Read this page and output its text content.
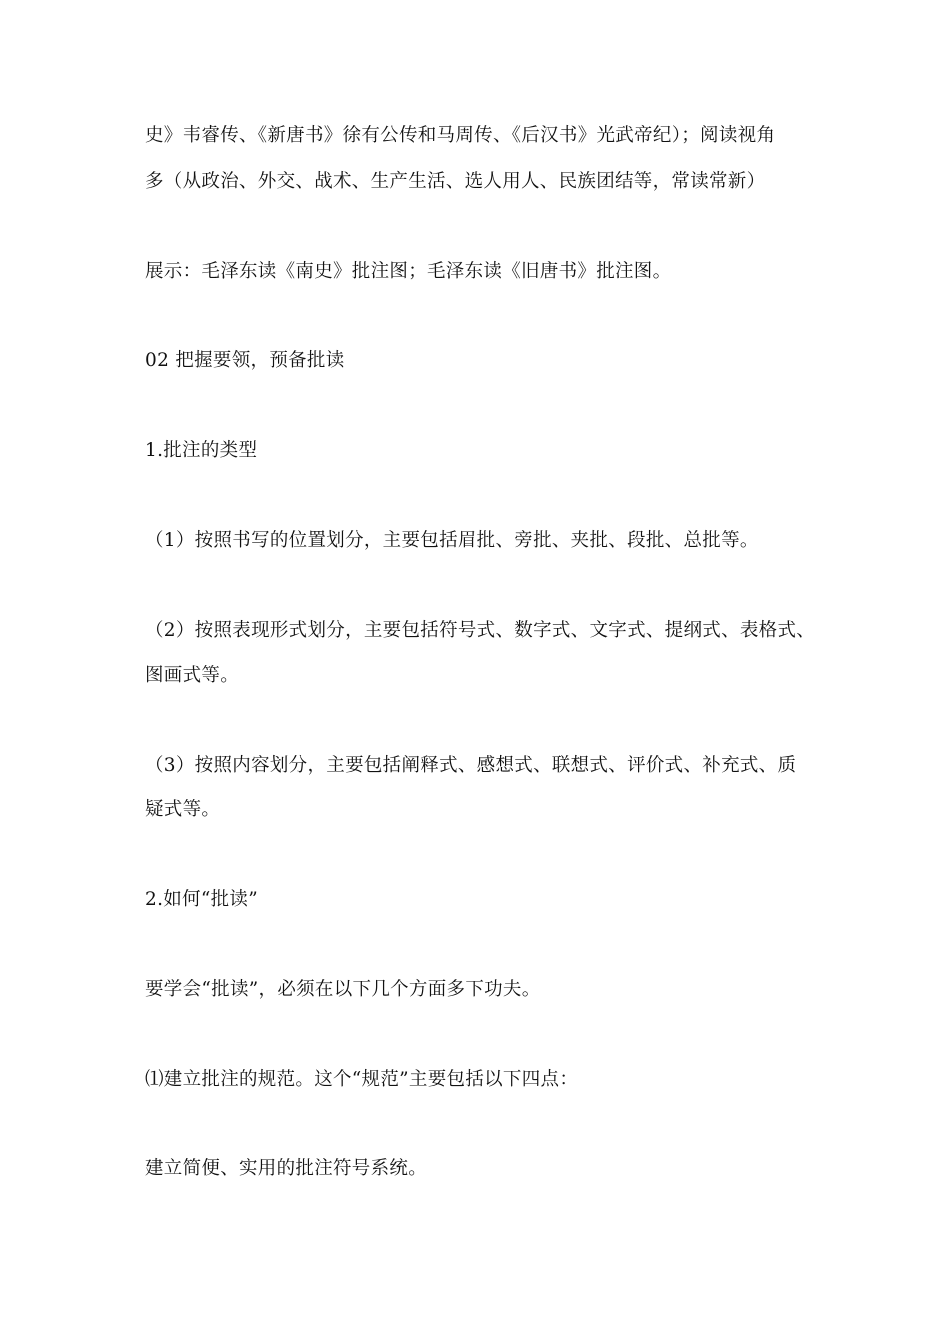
史》韦睿传、《新唐书》徐有公传和马周传、《后汉书》光武帝纪）；阅读视角
多（从政治、外交、战术、生产生活、选人用人、民族团结等，常读常新）
展示：毛泽东读《南史》批注图；毛泽东读《旧唐书》批注图。
02 把握要领，预备批读
1.批注的类型
（1）按照书写的位置划分，主要包括眉批、旁批、夹批、段批、总批等。
（2）按照表现形式划分，主要包括符号式、数字式、文字式、提纲式、表格式、
图画式等。
（3）按照内容划分，主要包括阐释式、感想式、联想式、评价式、补充式、质
疑式等。
2.如何“批读”
要学会“批读”，必须在以下几个方面多下功夫。
⑴建立批注的规范。这个“规范”主要包括以下四点：
建立简便、实用的批注符号系统。
